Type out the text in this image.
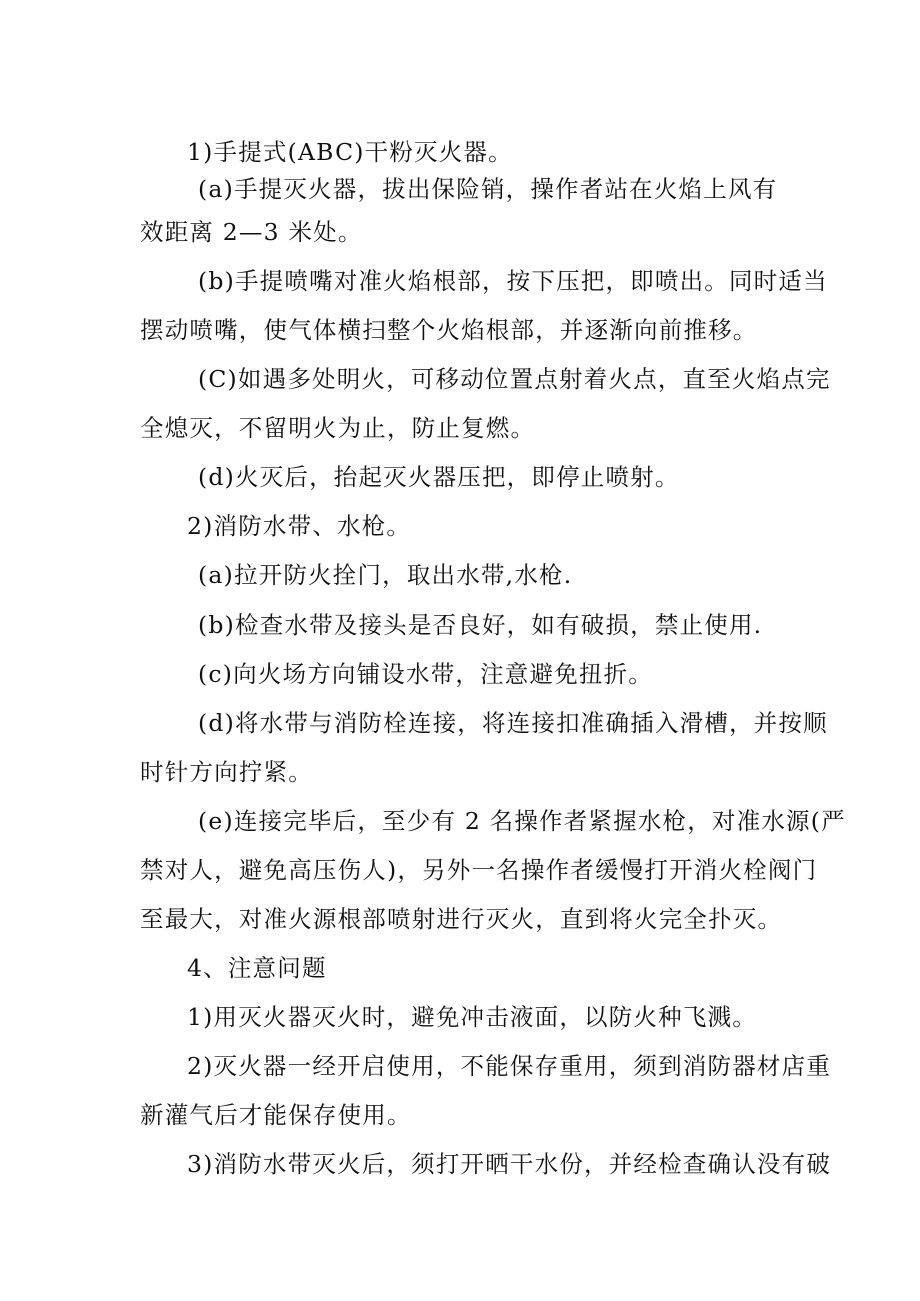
1)手提式(ABC)干粉灭火器。
(a)手提灭火器，拔出保险销，操作者站在火焰上风有
效距离 2—3 米处。
(b)手提喷嘴对准火焰根部，按下压把，即喷出。同时适当
摆动喷嘴，使气体横扫整个火焰根部，并逐渐向前推移。
(C)如遇多处明火，可移动位置点射着火点，直至火焰点完
全熄灭，不留明火为止，防止复燃。
(d)火灭后，抬起灭火器压把，即停止喷射。
2)消防水带、水枪。
(a)拉开防火拴门，取出水带,水枪.
(b)检查水带及接头是否良好，如有破损，禁止使用.
(c)向火场方向铺设水带，注意避免扭折。
(d)将水带与消防栓连接，将连接扣准确插入滑槽，并按顺
时针方向拧紧。
(e)连接完毕后，至少有 2 名操作者紧握水枪，对准水源(严
禁对人，避免高压伤人)，另外一名操作者缓慢打开消火栓阀门
至最大，对准火源根部喷射进行灭火，直到将火完全扑灭。
4、注意问题
1)用灭火器灭火时，避免冲击液面，以防火种飞溅。
2)灭火器一经开启使用，不能保存重用，须到消防器材店重
新灌气后才能保存使用。
3)消防水带灭火后，须打开晒干水份，并经检查确认没有破
